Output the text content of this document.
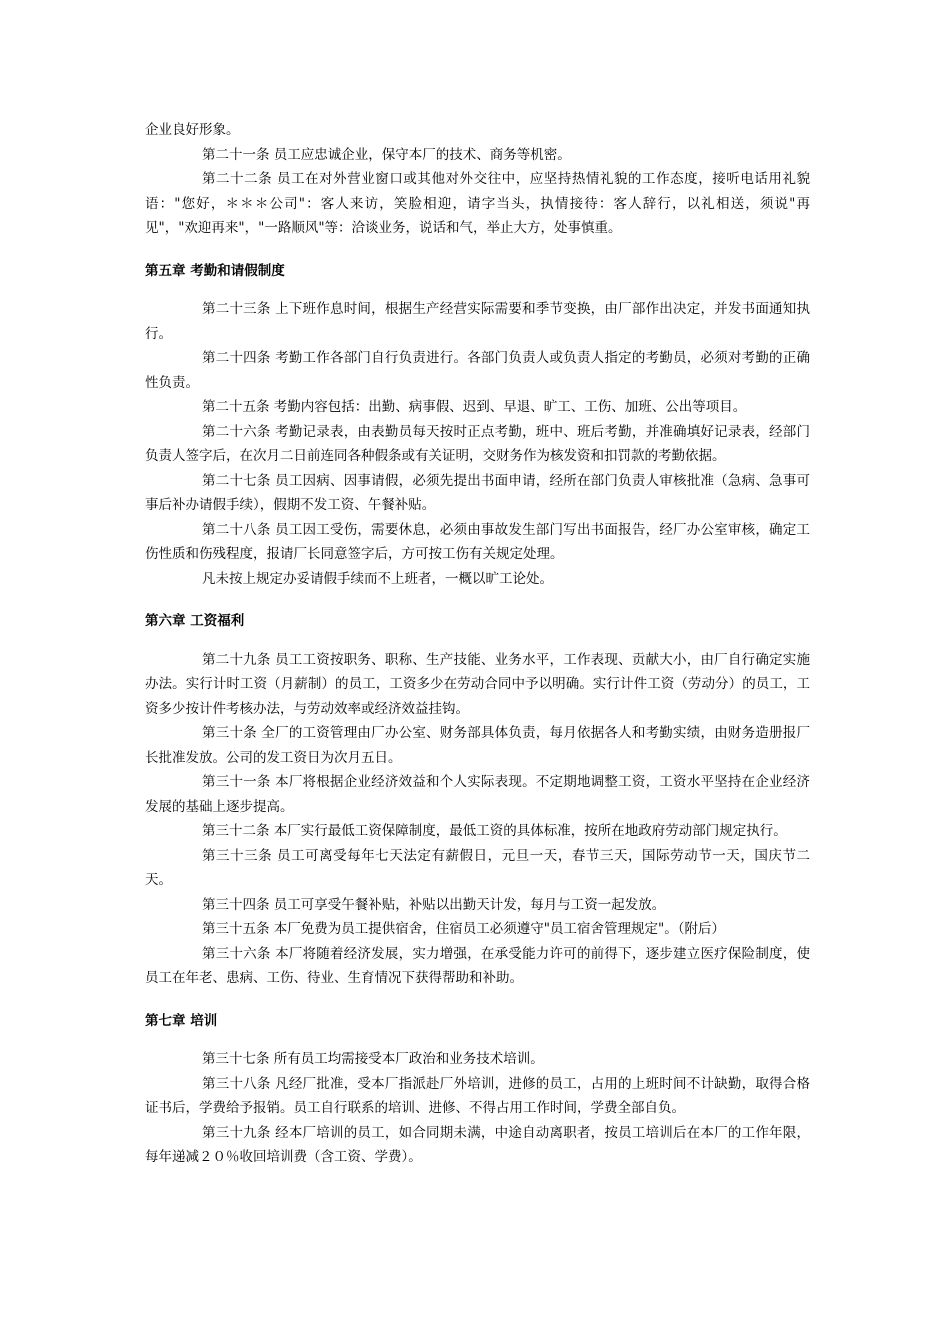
企业良好形象。

第二十一条 员工应忠诚企业，保守本厂的技术、商务等机密。

第二十二条 员工在对外营业窗口或其他对外交往中，应坚持热情礼貌的工作态度，接听电话用礼貌语："您好，＊＊＊公司"：客人来访，笑脸相迎，请字当头，执情接待：客人辞行，以礼相送，须说"再见"，"欢迎再来"，"一路顺风"等：洽谈业务，说话和气，举止大方，处事慎重。

第五章 考勤和请假制度

第二十三条 上下班作息时间，根据生产经营实际需要和季节变换，由厂部作出决定，并发书面通知执行。

第二十四条 考勤工作各部门自行负责进行。各部门负责人或负责人指定的考勤员，必须对考勤的正确性负责。

第二十五条 考勤内容包括：出勤、病事假、迟到、早退、旷工、工伤、加班、公出等项目。

第二十六条 考勤记录表，由表勤员每天按时正点考勤，班中、班后考勤，并准确填好记录表，经部门负责人签字后，在次月二日前连同各种假条或有关证明，交财务作为核发资和扣罚款的考勤依据。

第二十七条 员工因病、因事请假，必须先提出书面申请，经所在部门负责人审核批准（急病、急事可事后补办请假手续），假期不发工资、午餐补贴。

第二十八条 员工因工受伤，需要休息，必须由事故发生部门写出书面报告，经厂办公室审核，确定工伤性质和伤残程度，报请厂长同意签字后，方可按工伤有关规定处理。

凡未按上规定办妥请假手续而不上班者，一概以旷工论处。

第六章 工资福利

第二十九条 员工工资按职务、职称、生产技能、业务水平，工作表现、贡献大小，由厂自行确定实施办法。实行计时工资（月薪制）的员工，工资多少在劳动合同中予以明确。实行计件工资（劳动分）的员工，工资多少按计件考核办法，与劳动效率或经济效益挂钩。

第三十条 全厂的工资管理由厂办公室、财务部具体负责，每月依据各人和考勤实绩，由财务造册报厂长批准发放。公司的发工资日为次月五日。

第三十一条 本厂将根据企业经济效益和个人实际表现。不定期地调整工资，工资水平坚持在企业经济发展的基础上逐步提高。

第三十二条 本厂实行最低工资保障制度，最低工资的具体标准，按所在地政府劳动部门规定执行。

第三十三条 员工可离受每年七天法定有薪假日，元旦一天，春节三天，国际劳动节一天，国庆节二天。

第三十四条 员工可享受午餐补贴，补贴以出勤天计发，每月与工资一起发放。

第三十五条 本厂免费为员工提供宿舍，住宿员工必须遵守"员工宿舍管理规定"。（附后）

第三十六条 本厂将随着经济发展，实力增强，在承受能力许可的前得下，逐步建立医疗保险制度，使员工在年老、患病、工伤、待业、生育情况下获得帮助和补助。

第七章 培训

第三十七条 所有员工均需接受本厂政治和业务技术培训。

第三十八条 凡经厂批准，受本厂指派赴厂外培训，进修的员工，占用的上班时间不计缺勤，取得合格证书后，学费给予报销。员工自行联系的培训、进修、不得占用工作时间，学费全部自负。

第三十九条 经本厂培训的员工，如合同期未满，中途自动离职者，按员工培训后在本厂的工作年限，每年递减２０％收回培训费（含工资、学费）。
